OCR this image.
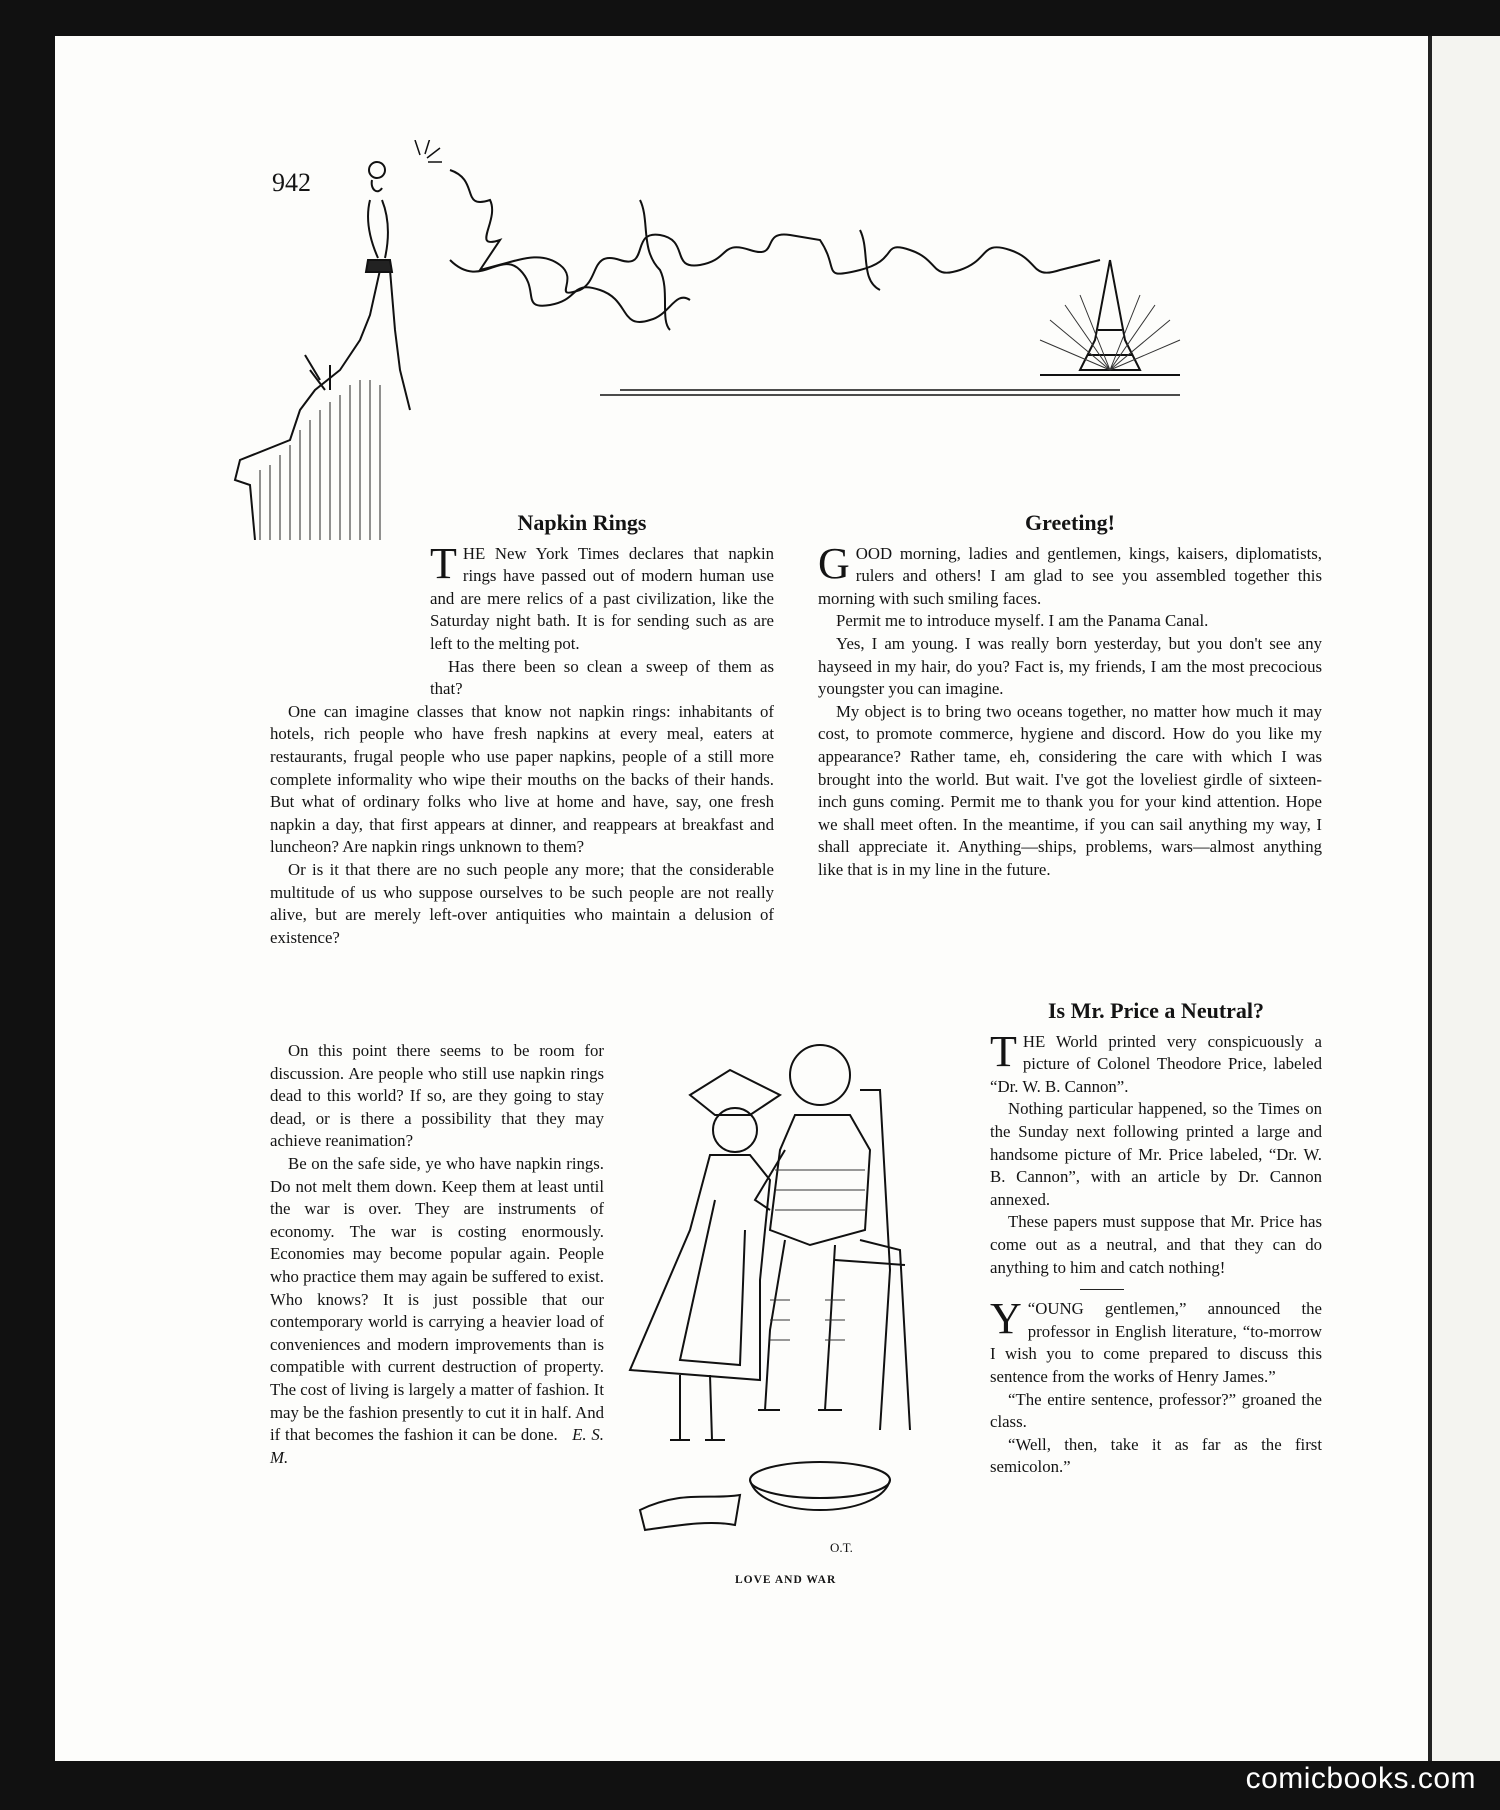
942
Napkin Rings

THE New York Times declares that napkin rings have passed out of modern human use and are mere relics of a past civilization, like the Saturday night bath. It is for sending such as are left to the melting pot.

Has there been so clean a sweep of them as that?

One can imagine classes that know not napkin rings: inhabitants of hotels, rich people who have fresh napkins at every meal, eaters at restaurants, frugal people who use paper napkins, people of a still more complete informality who wipe their mouths on the backs of their hands. But what of ordinary folks who live at home and have, say, one fresh napkin a day, that first appears at dinner, and reappears at breakfast and luncheon? Are napkin rings unknown to them?

Or is it that there are no such people any more; that the considerable multitude of us who suppose ourselves to be such people are not really alive, but are merely left-over antiquities who maintain a delusion of existence?

On this point there seems to be room for discussion. Are people who still use napkin rings dead to this world? If so, are they going to stay dead, or is there a possibility that they may achieve reanimation?

Be on the safe side, ye who have napkin rings. Do not melt them down. Keep them at least until the war is over. They are instruments of economy. The war is costing enormously. Economies may become popular again. People who practice them may again be suffered to exist. Who knows? It is just possible that our contemporary world is carrying a heavier load of conveniences and modern improvements than is compatible with current destruction of property. The cost of living is largely a matter of fashion. It may be the fashion presently to cut it in half. And if that becomes the fashion it can be done. E. S. M.

Greeting!

GOOD morning, ladies and gentlemen, kings, kaisers, diplomatists, rulers and others! I am glad to see you assembled together this morning with such smiling faces.

Permit me to introduce myself. I am the Panama Canal.

Yes, I am young. I was really born yesterday, but you don't see any hayseed in my hair, do you? Fact is, my friends, I am the most precocious youngster you can imagine.

My object is to bring two oceans together, no matter how much it may cost, to promote commerce, hygiene and discord. How do you like my appearance? Rather tame, eh, considering the care with which I was brought into the world. But wait. I've got the loveliest girdle of sixteen-inch guns coming. Permit me to thank you for your kind attention. Hope we shall meet often. In the meantime, if you can sail anything my way, I shall appreciate it. Anything—ships, problems, wars—almost anything like that is in my line in the future.

Is Mr. Price a Neutral?

THE World printed very conspicuously a picture of Colonel Theodore Price, labeled “Dr. W. B. Cannon”.

Nothing particular happened, so the Times on the Sunday next following printed a large and handsome picture of Mr. Price labeled, “Dr. W. B. Cannon”, with an article by Dr. Cannon annexed.

These papers must suppose that Mr. Price has come out as a neutral, and that they can do anything to him and catch nothing!

“
Y OUNG gentlemen,” announced the professor in English literature, “to-morrow I wish you to come prepared to discuss this sentence from the works of Henry James.”

“The entire sentence, professor?” groaned the class.

“Well, then, take it as far as the first semicolon.”

O.T.
LOVE AND WAR
comicbooks.com
